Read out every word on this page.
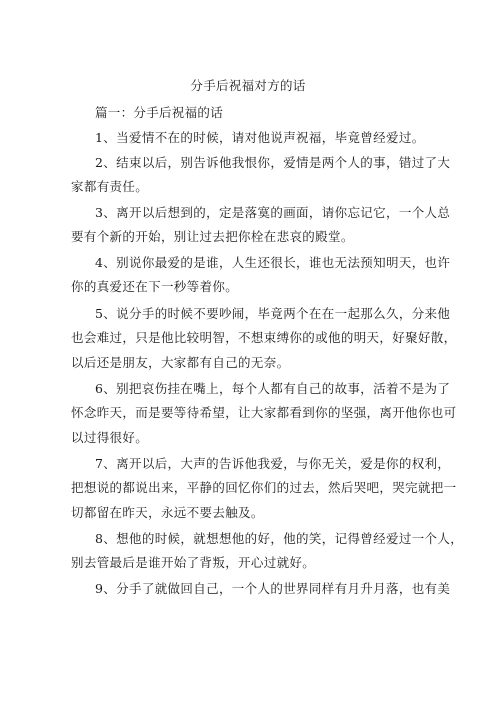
分手后祝福对方的话
篇一：分手后祝福的话
1、当爱情不在的时候，请对他说声祝福，毕竟曾经爱过。
2、结束以后，别告诉他我恨你，爱情是两个人的事，错过了大
家都有责任。
3、离开以后想到的，定是落寞的画面，请你忘记它，一个人总
要有个新的开始，别让过去把你栓在悲哀的殿堂。
4、别说你最爱的是谁，人生还很长，谁也无法预知明天，也许
你的真爱还在下一秒等着你。
5、说分手的时候不要吵闹，毕竟两个在在一起那么久，分来他
也会难过，只是他比较明智，不想束缚你的或他的明天，好聚好散，
以后还是朋友，大家都有自己的无奈。
6、别把哀伤挂在嘴上，每个人都有自己的故事，活着不是为了
怀念昨天，而是要等待希望，让大家都看到你的坚强，离开他你也可
以过得很好。
7、离开以后，大声的告诉他我爱，与你无关，爱是你的权利，
把想说的都说出来，平静的回忆你们的过去，然后哭吧，哭完就把一
切都留在昨天，永远不要去触及。
8、想他的时候，就想想他的好，他的笑，记得曾经爱过一个人，
别去管最后是谁开始了背叛，开心过就好。
9、分手了就做回自己，一个人的世界同样有月升月落，也有美
